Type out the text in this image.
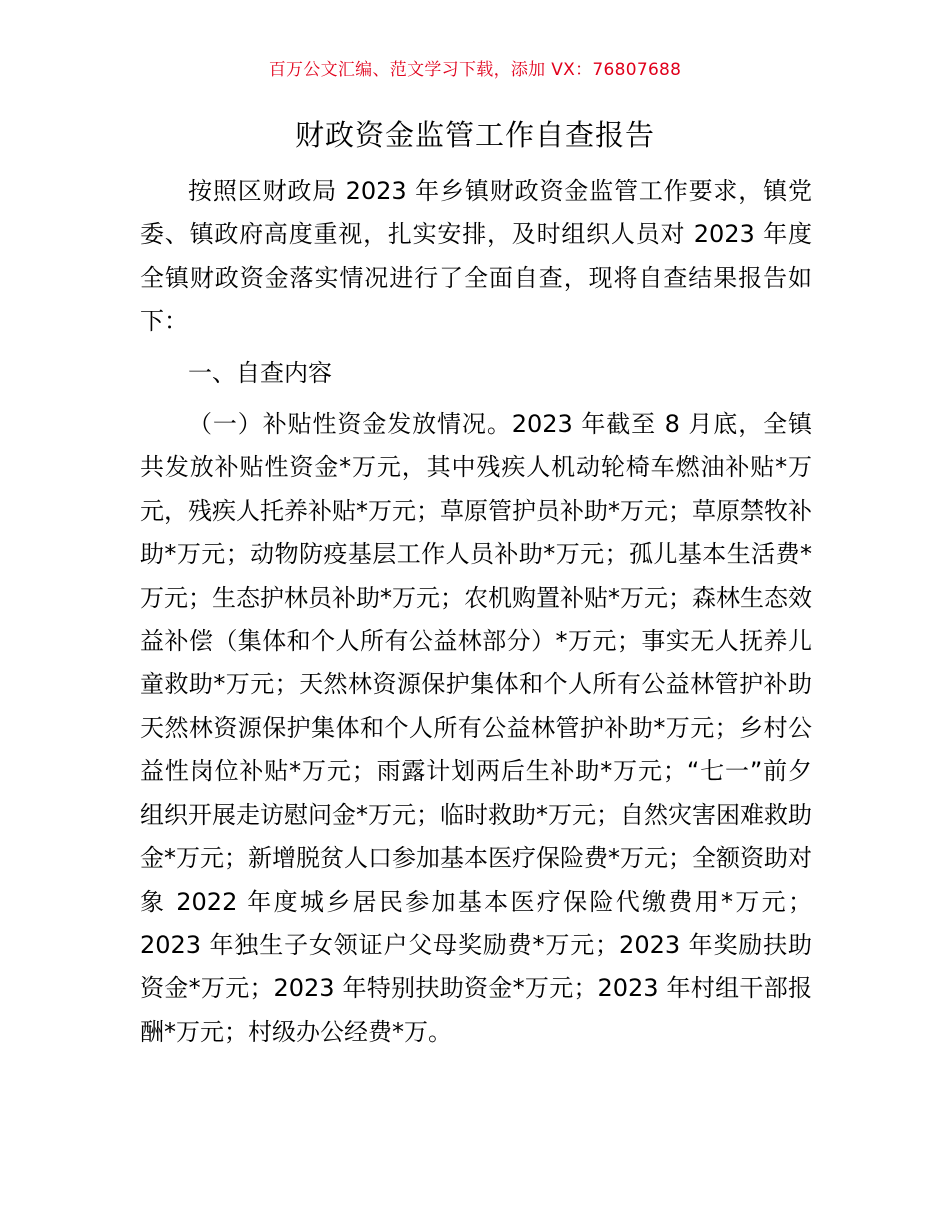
百万公文汇编、范文学习下载，添加 VX：76807688
财政资金监管工作自查报告

按照区财政局 2023 年乡镇财政资金监管工作要求，镇党委、镇政府高度重视，扎实安排，及时组织人员对 2023 年度全镇财政资金落实情况进行了全面自查，现将自查结果报告如下：

一、自查内容

（一）补贴性资金发放情况。2023 年截至 8 月底，全镇共发放补贴性资金*万元，其中残疾人机动轮椅车燃油补贴*万元，残疾人托养补贴*万元；草原管护员补助*万元；草原禁牧补助*万元；动物防疫基层工作人员补助*万元；孤儿基本生活费*万元；生态护林员补助*万元；农机购置补贴*万元；森林生态效益补偿（集体和个人所有公益林部分）*万元；事实无人抚养儿童救助*万元；天然林资源保护集体和个人所有公益林管护补助天然林资源保护集体和个人所有公益林管护补助*万元；乡村公益性岗位补贴*万元；雨露计划两后生补助*万元；“七一”前夕组织开展走访慰问金*万元；临时救助*万元；自然灾害困难救助金*万元；新增脱贫人口参加基本医疗保险费*万元；全额资助对象 2022 年度城乡居民参加基本医疗保险代缴费用*万元；2023 年独生子女领证户父母奖励费*万元；2023 年奖励扶助资金*万元；2023 年特别扶助资金*万元；2023 年村组干部报酬*万元；村级办公经费*万。
